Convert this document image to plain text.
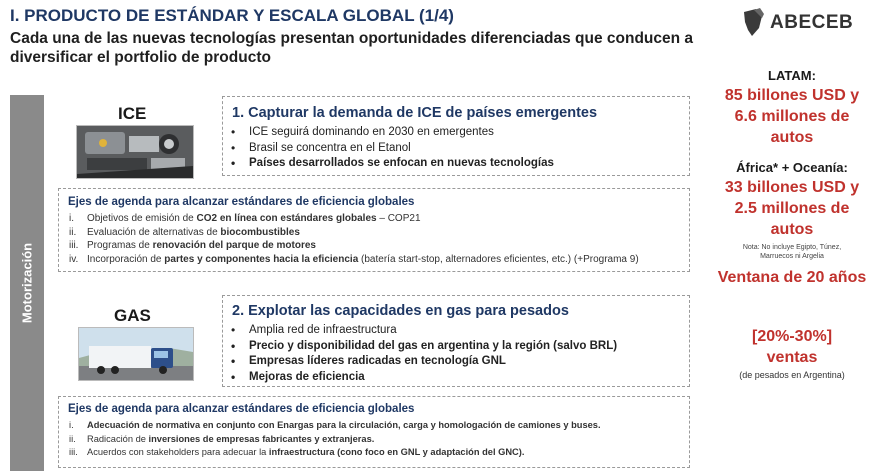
I. PRODUCTO DE ESTÁNDAR Y ESCALA GLOBAL (1/4)
Cada una de las nuevas tecnologías presentan oportunidades diferenciadas que conducen a diversificar el portfolio de producto
ABECEB
Motorización
ICE	1. Capturar la demanda de ICE de países emergentes
• ICE seguirá dominando en 2030 en emergentes
• Brasil se concentra en el Etanol
• Países desarrollados se enfocan en nuevas tecnologías
Ejes de agenda para alcanzar estándares de eficiencia globales
i. Objetivos de emisión de CO2 en línea con estándares globales – COP21
ii. Evaluación de alternativas de biocombustibles
iii. Programas de renovación del parque de motores
iv. Incorporación de partes y componentes hacia la eficiencia (batería start-stop, alternadores eficientes, etc.) (+Programa 9)
GAS	2. Explotar las capacidades en gas para pesados
• Amplia red de infraestructura
• Precio y disponibilidad del gas en argentina y la región (salvo BRL)
• Empresas líderes radicadas en tecnología GNL
• Mejoras de eficiencia
Ejes de agenda para alcanzar estándares de eficiencia globales
i. Adecuación de normativa en conjunto con Enargas para la circulación, carga y homologación de camiones y buses.
ii. Radicación de inversiones de empresas fabricantes y extranjeras.
iii. Acuerdos con stakeholders para adecuar la infraestructura (cono foco en GNL y adaptación del GNC).
LATAM:
85 billones USD y
6.6 millones de
autos
África* + Oceanía:
33 billones USD y
2.5 millones de
autos
Nota: No incluye Egipto, Túnez,
Marruecos ni Argelia
Ventana de 20 años
[20%-30%]
ventas
(de pesados en Argentina)
